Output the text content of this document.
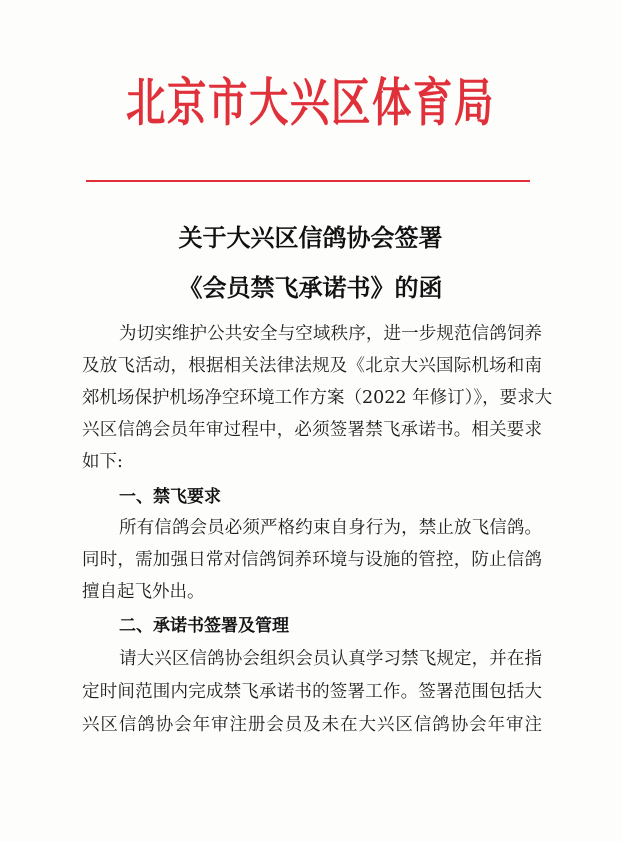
北京市大兴区体育局
关于大兴区信鸽协会签署
《会员禁飞承诺书》的函
为切实维护公共安全与空域秩序，进一步规范信鸽饲养
及放飞活动，根据相关法律法规及《北京大兴国际机场和南
郊机场保护机场净空环境工作方案（2022 年修订）》，要求大
兴区信鸽会员年审过程中，必须签署禁飞承诺书。相关要求
如下:
一、禁飞要求
所有信鸽会员必须严格约束自身行为，禁止放飞信鸽。
同时，需加强日常对信鸽饲养环境与设施的管控，防止信鸽
擅自起飞外出。
二、承诺书签署及管理
请大兴区信鸽协会组织会员认真学习禁飞规定，并在指
定时间范围内完成禁飞承诺书的签署工作。签署范围包括大
兴区信鸽协会年审注册会员及未在大兴区信鸽协会年审注
